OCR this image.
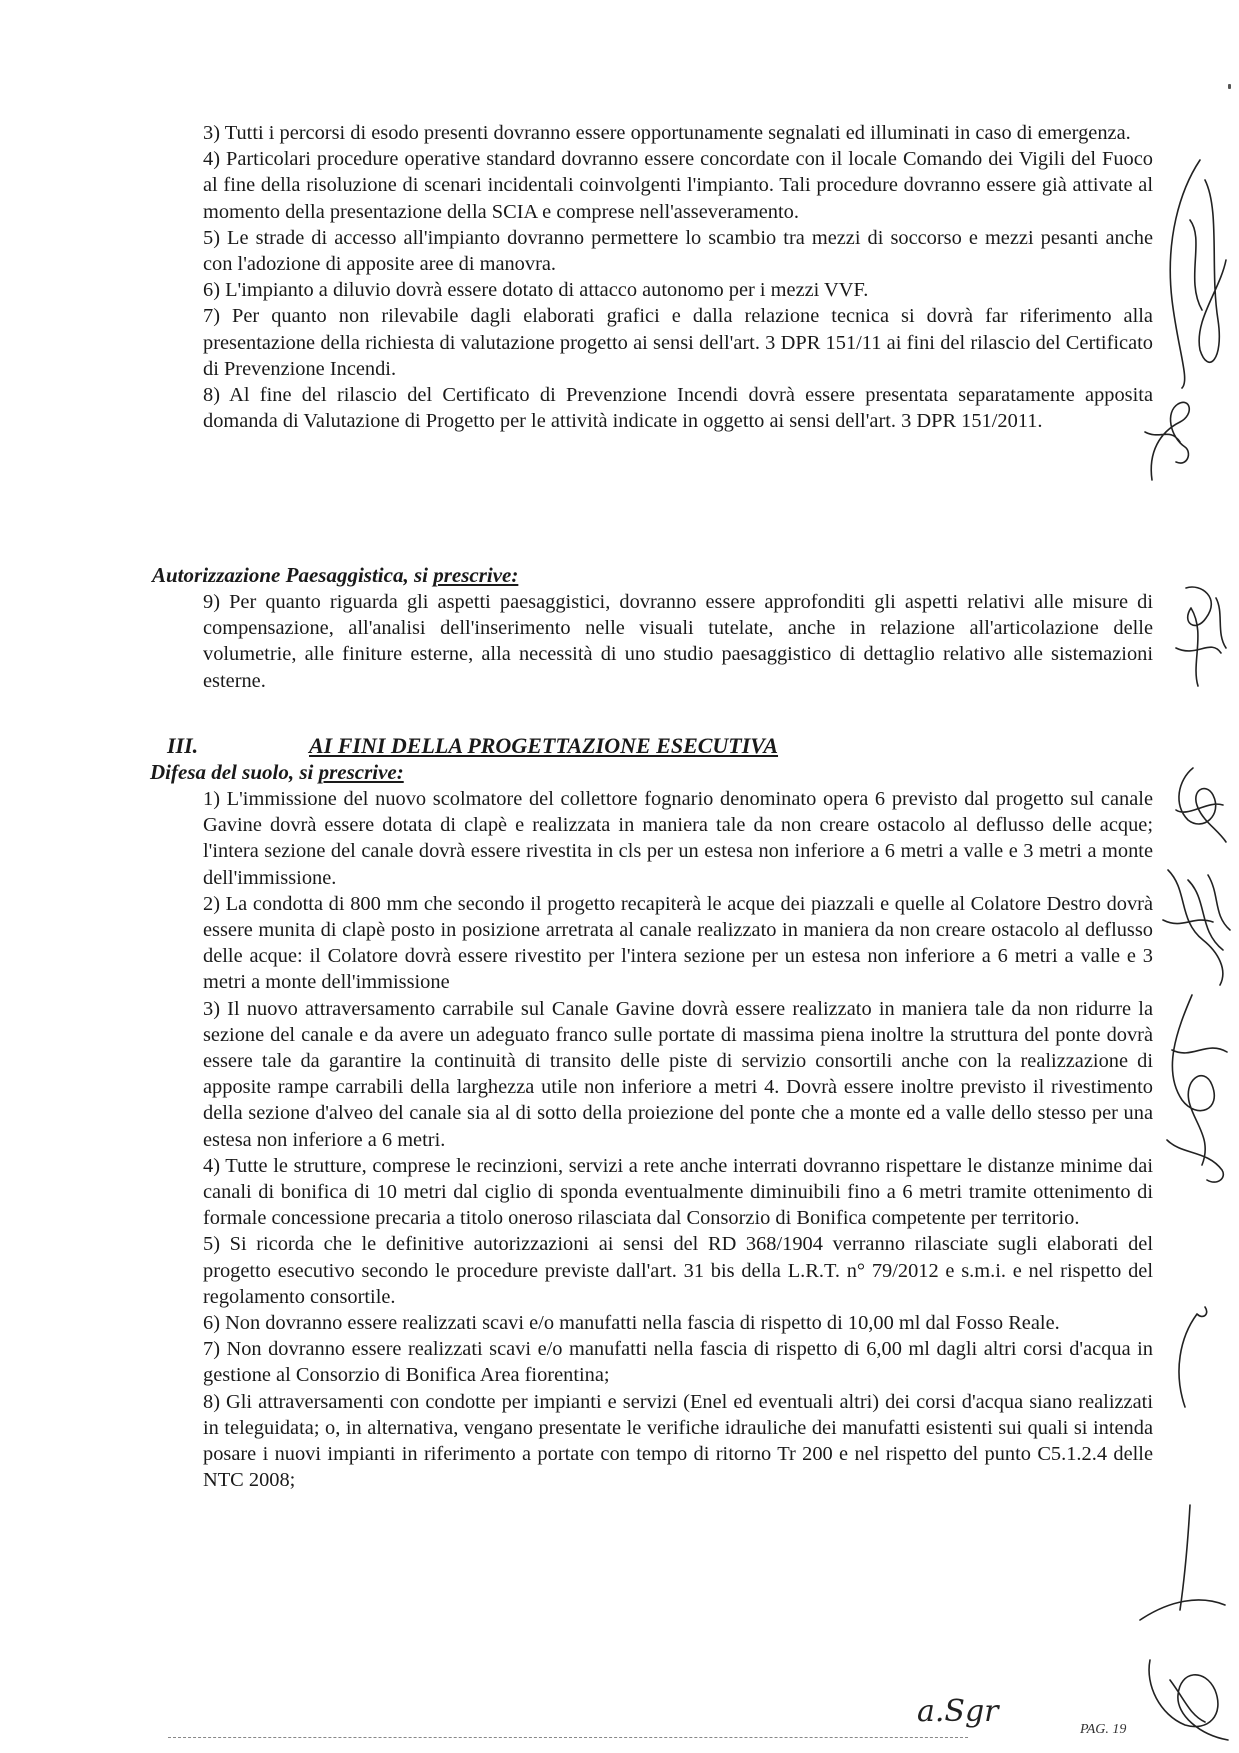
3) Tutti i percorsi di esodo presenti dovranno essere opportunamente segnalati ed illuminati in caso di emergenza.

4) Particolari procedure operative standard dovranno essere concordate con il locale Comando dei Vigili del Fuoco al fine della risoluzione di scenari incidentali coinvolgenti l'impianto. Tali procedure dovranno essere già attivate al momento della presentazione della SCIA e comprese nell'asseveramento.

5) Le strade di accesso all'impianto dovranno permettere lo scambio tra mezzi di soccorso e mezzi pesanti anche con l'adozione di apposite aree di manovra.

6) L'impianto a diluvio dovrà essere dotato di attacco autonomo per i mezzi VVF.

7) Per quanto non rilevabile dagli elaborati grafici e dalla relazione tecnica si dovrà far riferimento alla presentazione della richiesta di valutazione progetto ai sensi dell'art. 3 DPR 151/11 ai fini del rilascio del Certificato di Prevenzione Incendi.

8) Al fine del rilascio del Certificato di Prevenzione Incendi dovrà essere presentata separatamente apposita domanda di Valutazione di Progetto per le attività indicate in oggetto ai sensi dell'art. 3 DPR 151/2011.

Autorizzazione Paesaggistica, si prescrive:

9) Per quanto riguarda gli aspetti paesaggistici, dovranno essere approfonditi gli aspetti relativi alle misure di compensazione, all'analisi dell'inserimento nelle visuali tutelate, anche in relazione all'articolazione delle volumetrie, alle finiture esterne, alla necessità di uno studio paesaggistico di dettaglio relativo alle sistemazioni esterne.

III.	AI FINI DELLA PROGETTAZIONE ESECUTIVA
Difesa del suolo, si prescrive:

1) L'immissione del nuovo scolmatore del collettore fognario denominato opera 6 previsto dal progetto sul canale Gavine dovrà essere dotata di clapè e realizzata in maniera tale da non creare ostacolo al deflusso delle acque; l'intera sezione del canale dovrà essere rivestita in cls per un estesa non inferiore a 6 metri a valle e 3 metri a monte dell'immissione.

2) La condotta di 800 mm che secondo il progetto recapiterà le acque dei piazzali e quelle al Colatore Destro dovrà essere munita di clapè posto in posizione arretrata al canale realizzato in maniera da non creare ostacolo al deflusso delle acque: il Colatore dovrà essere rivestito per l'intera sezione per un estesa non inferiore a 6 metri a valle e 3 metri a monte dell'immissione

3) Il nuovo attraversamento carrabile sul Canale Gavine dovrà essere realizzato in maniera tale da non ridurre la sezione del canale e da avere un adeguato franco sulle portate di massima piena inoltre la struttura del ponte dovrà essere tale da garantire la continuità di transito delle piste di servizio consortili anche con la realizzazione di apposite rampe carrabili della larghezza utile non inferiore a metri 4. Dovrà essere inoltre previsto il rivestimento della sezione d'alveo del canale sia al di sotto della proiezione del ponte che a monte ed a valle dello stesso per una estesa non inferiore a 6 metri.

4) Tutte le strutture, comprese le recinzioni, servizi a rete anche interrati dovranno rispettare le distanze minime dai canali di bonifica di 10 metri dal ciglio di sponda eventualmente diminuibili fino a 6 metri tramite ottenimento di formale concessione precaria a titolo oneroso rilasciata dal Consorzio di Bonifica competente per territorio.

5) Si ricorda che le definitive autorizzazioni ai sensi del RD 368/1904 verranno rilasciate sugli elaborati del progetto esecutivo secondo le procedure previste dall'art. 31 bis della L.R.T. n° 79/2012 e s.m.i. e nel rispetto del regolamento consortile.

6) Non dovranno essere realizzati scavi e/o manufatti nella fascia di rispetto di 10,00 ml dal Fosso Reale.

7) Non dovranno essere realizzati scavi e/o manufatti nella fascia di rispetto di 6,00 ml dagli altri corsi d'acqua in gestione al Consorzio di Bonifica Area fiorentina;

8) Gli attraversamenti con condotte per impianti e servizi (Enel ed eventuali altri) dei corsi d'acqua siano realizzati in teleguidata; o, in alternativa, vengano presentate le verifiche idrauliche dei manufatti esistenti sui quali si intenda posare i nuovi impianti in riferimento a portate con tempo di ritorno Tr 200 e nel rispetto del punto C5.1.2.4 delle NTC 2008;

a.Sgr
PAG. 19
